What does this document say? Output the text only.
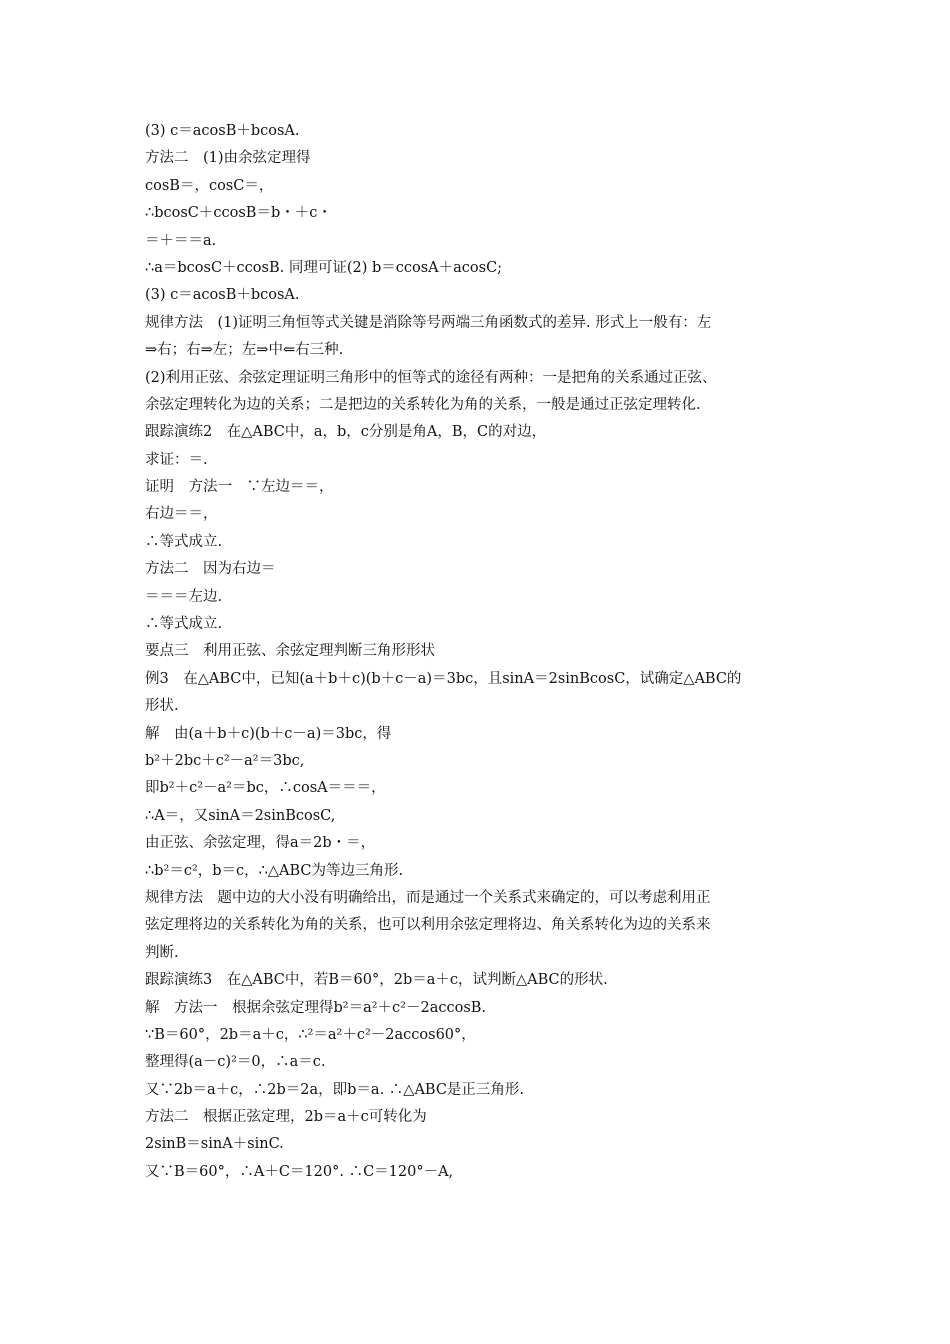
(3) c＝acosB＋bcosA.
方法二　(1)由余弦定理得
cosB＝，cosC＝，
∴bcosC＋ccosB＝b・＋c・
＝＋＝＝a.
∴a＝bcosC＋ccosB. 同理可证(2) b＝ccosA＋acosC;
(3) c＝acosB＋bcosA.
规律方法　(1)证明三角恒等式关键是消除等号两端三角函数式的差异. 形式上一般有：左
⇒右；右⇒左；左⇒中⇐右三种.
(2)利用正弦、余弦定理证明三角形中的恒等式的途径有两种：一是把角的关系通过正弦、
余弦定理转化为边的关系；二是把边的关系转化为角的关系，一般是通过正弦定理转化.
跟踪演练2　在△ABC中，a，b，c分别是角A，B，C的对边，
求证：＝.
证明　方法一　∵左边＝＝，
右边＝＝，
∴等式成立.
方法二　因为右边＝
＝＝＝左边.
∴等式成立.
要点三　利用正弦、余弦定理判断三角形形状
例3　在△ABC中，已知(a＋b＋c)(b＋c－a)＝3bc，且sinA＝2sinBcosC，试确定△ABC的
形状.
解　由(a＋b＋c)(b＋c－a)＝3bc，得
b²＋2bc＋c²－a²＝3bc,
即b²＋c²－a²＝bc，∴cosA＝＝＝，
∴A＝，又sinA＝2sinBcosC,
由正弦、余弦定理，得a＝2b・＝，
∴b²＝c²，b＝c，∴△ABC为等边三角形.
规律方法　题中边的大小没有明确给出，而是通过一个关系式来确定的，可以考虑利用正
弦定理将边的关系转化为角的关系，也可以利用余弦定理将边、角关系转化为边的关系来
判断.
跟踪演练3　在△ABC中，若B＝60°，2b＝a＋c，试判断△ABC的形状.
解　方法一　根据余弦定理得b²＝a²＋c²－2accosB.
∵B＝60°，2b＝a＋c，∴²＝a²＋c²－2accos60°，
整理得(a－c)²＝0，∴a＝c.
又∵2b＝a＋c，∴2b＝2a，即b＝a. ∴△ABC是正三角形.
方法二　根据正弦定理，2b＝a＋c可转化为
2sinB＝sinA＋sinC.
又∵B＝60°，∴A＋C＝120°. ∴C＝120°－A,
